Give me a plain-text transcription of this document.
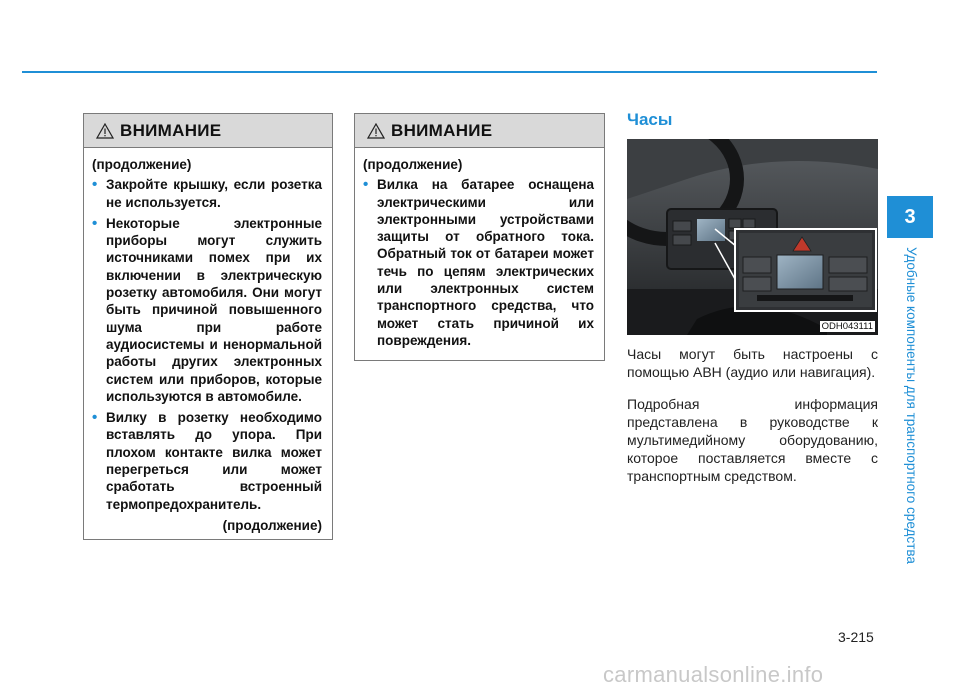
ВНИМАНИЕ
(продолжение)
• Закройте крышку, если розетка не используется.
• Некоторые электронные приборы могут служить источниками помех при их включении в электрическую розетку автомобиля. Они могут быть причиной повышенного шума при работе аудиосистемы и ненормальной работы других электронных систем или приборов, которые используются в автомобиле.
• Вилку в розетку необходимо вставлять до упора. При плохом контакте вилка может перегреться или может сработать встроенный термопредохранитель.
(продолжение)
ВНИМАНИЕ
(продолжение)
• Вилка на батарее оснащена электрическими или электронными устройствами защиты от обратного тока. Обратный ток от батареи может течь по цепям электрических или электронных систем транспортного средства, что может стать причиной их повреждения.
Часы
ODH043111
Часы могут быть настроены с помощью АВН (аудио или навигация).
Подробная информация представлена в руководстве к мультимедийному оборудованию, которое поставляется вместе с транспортным средством.
3
Удобные компоненты для транспортного средства
3-215
carmanualsonline.info
